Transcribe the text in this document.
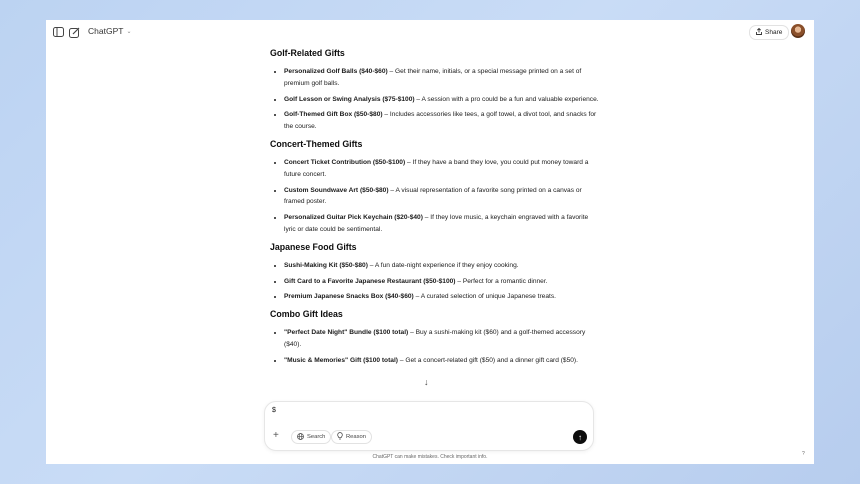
ChatGPT ⌄	Share
Golf-Related Gifts
• Personalized Golf Balls ($40-$60) – Get their name, initials, or a special message printed on a set of premium golf balls.
• Golf Lesson or Swing Analysis ($75-$100) – A session with a pro could be a fun and valuable experience.
• Golf-Themed Gift Box ($50-$80) – Includes accessories like tees, a golf towel, a divot tool, and snacks for the course.
Concert-Themed Gifts
• Concert Ticket Contribution ($50-$100) – If they have a band they love, you could put money toward a future concert.
• Custom Soundwave Art ($50-$80) – A visual representation of a favorite song printed on a canvas or framed poster.
• Personalized Guitar Pick Keychain ($20-$40) – If they love music, a keychain engraved with a favorite lyric or date could be sentimental.
Japanese Food Gifts
• Sushi-Making Kit ($50-$80) – A fun date-night experience if they enjoy cooking.
• Gift Card to a Favorite Japanese Restaurant ($50-$100) – Perfect for a romantic dinner.
• Premium Japanese Snacks Box ($40-$60) – A curated selection of unique Japanese treats.
Combo Gift Ideas
• "Perfect Date Night" Bundle ($100 total) – Buy a sushi-making kit ($60) and a golf-themed accessory ($40).
• "Music & Memories" Gift ($100 total) – Get a concert-related gift ($50) and a dinner gift card ($50).
↓
$
+	Search	Reason	↑
ChatGPT can make mistakes. Check important info.	?
